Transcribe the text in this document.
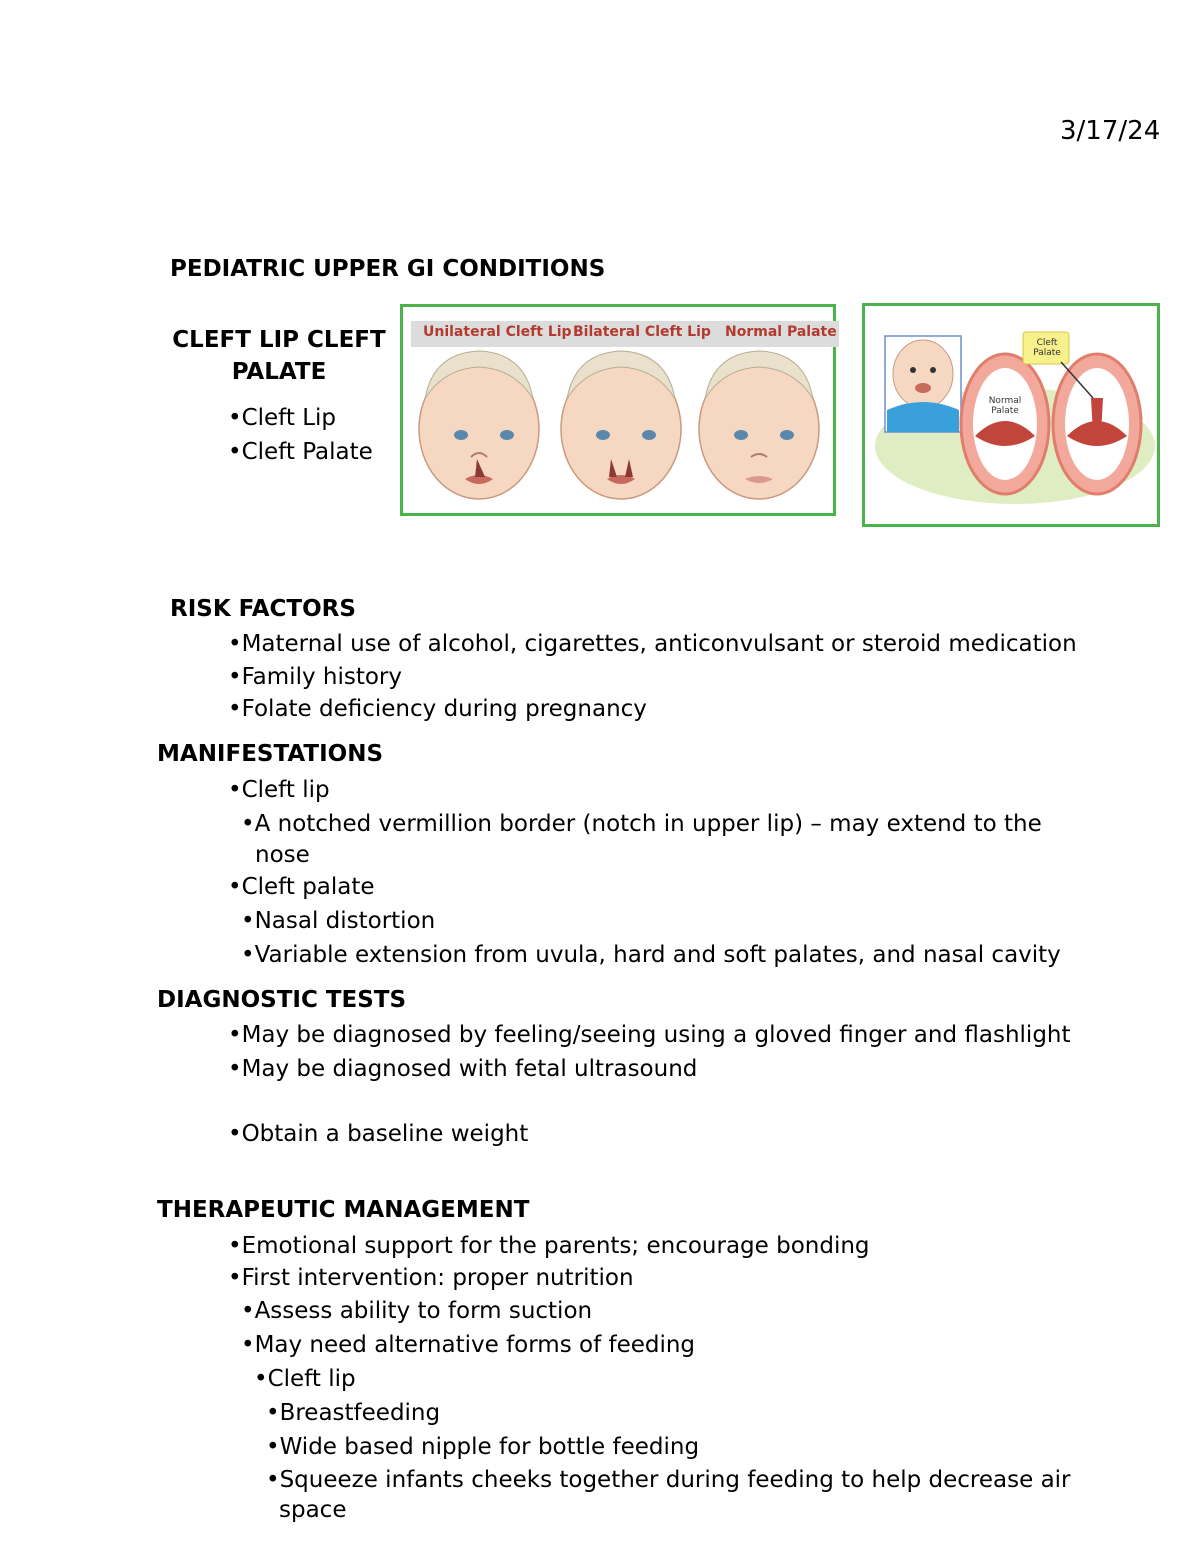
3/17/24
PEDIATRIC UPPER GI CONDITIONS
CLEFT LIP CLEFT
PALATE
•Cleft Lip
•Cleft Palate
Unilateral Cleft Lip Bilateral Cleft Lip Normal Palate
Cleft
Palate
Normal
Palate
RISK FACTORS
•Maternal use of alcohol, cigarettes, anticonvulsant or steroid medication
•Family history
•Folate deficiency during pregnancy
MANIFESTATIONS
•Cleft lip
•A notched vermillion border (notch in upper lip) – may extend to the
nose
•Cleft palate
•Nasal distortion
•Variable extension from uvula, hard and soft palates, and nasal cavity
DIAGNOSTIC TESTS
•May be diagnosed by feeling/seeing using a gloved finger and flashlight
•May be diagnosed with fetal ultrasound
•Obtain a baseline weight
THERAPEUTIC MANAGEMENT
•Emotional support for the parents; encourage bonding
•First intervention: proper nutrition
•Assess ability to form suction
•May need alternative forms of feeding
•Cleft lip
•Breastfeeding
•Wide based nipple for bottle feeding
•Squeeze infants cheeks together during feeding to help decrease air
space
